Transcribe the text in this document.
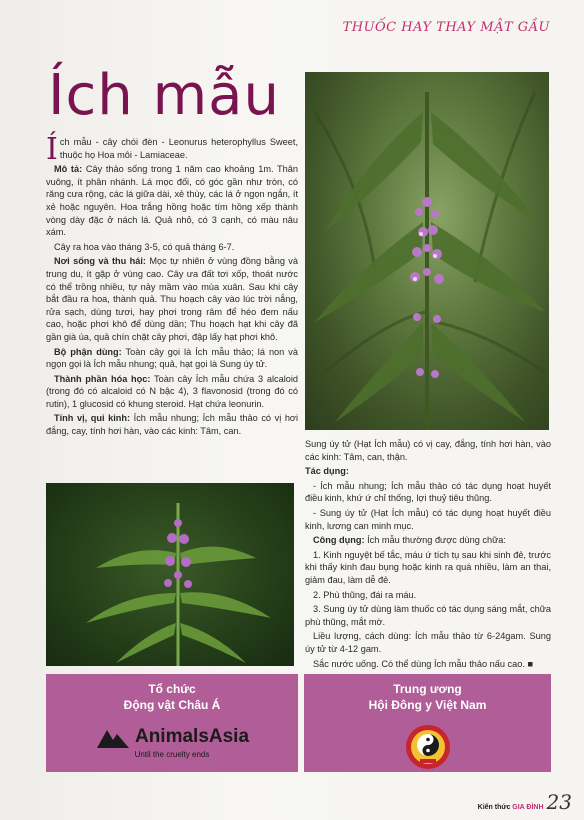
THUỐC HAY THAY MẬT GẦU
Ích mẫu

Ích mẫu - cây chói đèn - Leonurus heterophyllus Sweet, thuộc họ Hoa môi - Lamiaceae.

Mô tả: Cây thảo sống trong 1 năm cao khoảng 1m. Thân vuông, ít phân nhánh. Lá mọc đối, có góc gần như tròn, có răng cưa rộng, các lá giữa dài, xẻ thùy, các lá ở ngọn ngắn, ít xẻ hoặc nguyên. Hoa trắng hồng hoặc tím hồng xếp thành vòng dày đặc ở nách lá. Quả nhỏ, có 3 cạnh, có màu nâu xám.

Cây ra hoa vào tháng 3-5, có quả tháng 6-7.

Nơi sống và thu hái: Mọc tự nhiên ở vùng đồng bằng và trung du, ít gặp ở vùng cao. Cây ưa đất tơi xốp, thoát nước có thể trồng nhiều, tự nảy mầm vào mùa xuân. Sau khi cây bắt đầu ra hoa, thành quả. Thu hoạch cây vào lúc trời nắng, rửa sạch, dùng tươi, hay phơi trong râm để héo đem nấu cao, hoặc phơi khô để dùng dần; Thu hoạch hạt khi cây đã gần già úa, quả chín chặt cây phơi, đập lấy hạt phơi khô.

Bộ phận dùng: Toàn cây gọi là Ích mẫu thảo; lá non và ngọn gọi là Ích mẫu nhung; quả, hạt gọi là Sung úy tử.

Thành phần hóa học: Toàn cây Ích mẫu chứa 3 alcaloid (trong đó có alcaloid có N bậc 4), 3 flavonosid (trong đó có rutin), 1 glucosid có khung steroid. Hạt chứa leonurin.

Tính vị, qui kinh: Ích mẫu nhung; Ích mẫu thảo có vị hơi đắng, cay, tính hơi hàn, vào các kinh: Tâm, can.

Sung úy tử (Hạt Ích mẫu) có vị cay, đắng, tính hơi hàn, vào các kinh: Tâm, can, thận.

Tác dụng:

- Ích mẫu nhung; Ích mẫu thảo có tác dụng hoạt huyết điều kinh, khứ ứ chỉ thống, lợi thuỷ tiêu thũng.

- Sung úy tử (Hạt Ích mẫu) có tác dụng hoạt huyết điều kinh, lương can minh mục.

Công dụng: Ích mẫu thường được dùng chữa:

1. Kinh nguyệt bế tắc, máu ứ tích tụ sau khi sinh đẻ, trước khi thấy kinh đau bụng hoặc kinh ra quá nhiều, làm an thai, giảm đau, làm dễ đẻ.

2. Phù thũng, đái ra máu.

3. Sung úy tử dùng làm thuốc có tác dụng sáng mắt, chữa phù thũng, mắt mờ.

Liều lượng, cách dùng: Ích mẫu thảo từ 6-24gam. Sung úy tử từ 4-12 gam.

Sắc nước uống. Có thể dùng Ích mẫu thảo nấu cao. ■

Tổ chức
Động vật Châu Á
AnimalsAsia
Until the cruelty ends
Trung ương
Hội Đông y Việt Nam
Kiến thức GIA ĐÌNH 23
